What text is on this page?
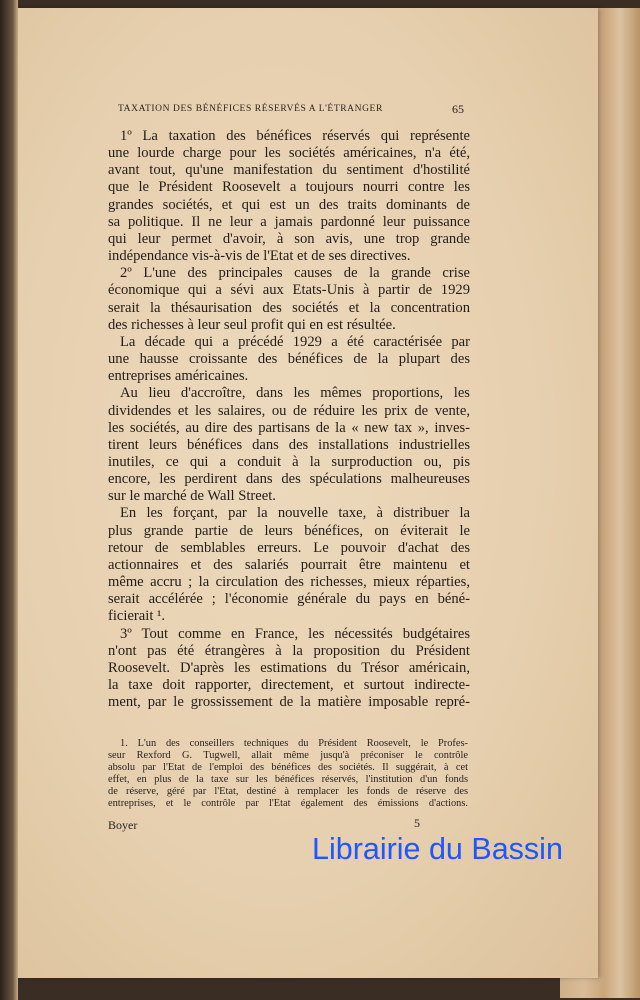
TAXATION DES BÉNÉFICES RÉSERVÉS A L'ÉTRANGER	65
1º La taxation des bénéfices réservés qui représente
une lourde charge pour les sociétés américaines, n'a été,
avant tout, qu'une manifestation du sentiment d'hostilité
que le Président Roosevelt a toujours nourri contre les
grandes sociétés, et qui est un des traits dominants de
sa politique. Il ne leur a jamais pardonné leur puissance
qui leur permet d'avoir, à son avis, une trop grande
indépendance vis-à-vis de l'Etat et de ses directives.
2º L'une des principales causes de la grande crise
économique qui a sévi aux Etats-Unis à partir de 1929
serait la thésaurisation des sociétés et la concentration
des richesses à leur seul profit qui en est résultée.
La décade qui a précédé 1929 a été caractérisée par
une hausse croissante des bénéfices de la plupart des
entreprises américaines.
Au lieu d'accroître, dans les mêmes proportions, les
dividendes et les salaires, ou de réduire les prix de vente,
les sociétés, au dire des partisans de la « new tax », inves-
tirent leurs bénéfices dans des installations industrielles
inutiles, ce qui a conduit à la surproduction ou, pis
encore, les perdirent dans des spéculations malheureuses
sur le marché de Wall Street.
En les forçant, par la nouvelle taxe, à distribuer la
plus grande partie de leurs bénéfices, on éviterait le
retour de semblables erreurs. Le pouvoir d'achat des
actionnaires et des salariés pourrait être maintenu et
même accru ; la circulation des richesses, mieux réparties,
serait accélérée ; l'économie générale du pays en béné-
ficierait ¹.
3º Tout comme en France, les nécessités budgétaires
n'ont pas été étrangères à la proposition du Président
Roosevelt. D'après les estimations du Trésor américain,
la taxe doit rapporter, directement, et surtout indirecte-
ment, par le grossissement de la matière imposable repré-
1. L'un des conseillers techniques du Président Roosevelt, le Profes-
seur Rexford G. Tugwell, allait même jusqu'à préconiser le contrôle
absolu par l'Etat de l'emploi des bénéfices des sociétés. Il suggérait, à cet
effet, en plus de la taxe sur les bénéfices réservés, l'institution d'un fonds
de réserve, géré par l'Etat, destiné à remplacer les fonds de réserve des
entreprises, et le contrôle par l'Etat également des émissions d'actions.
Boyer	5
Librairie du Bassin
